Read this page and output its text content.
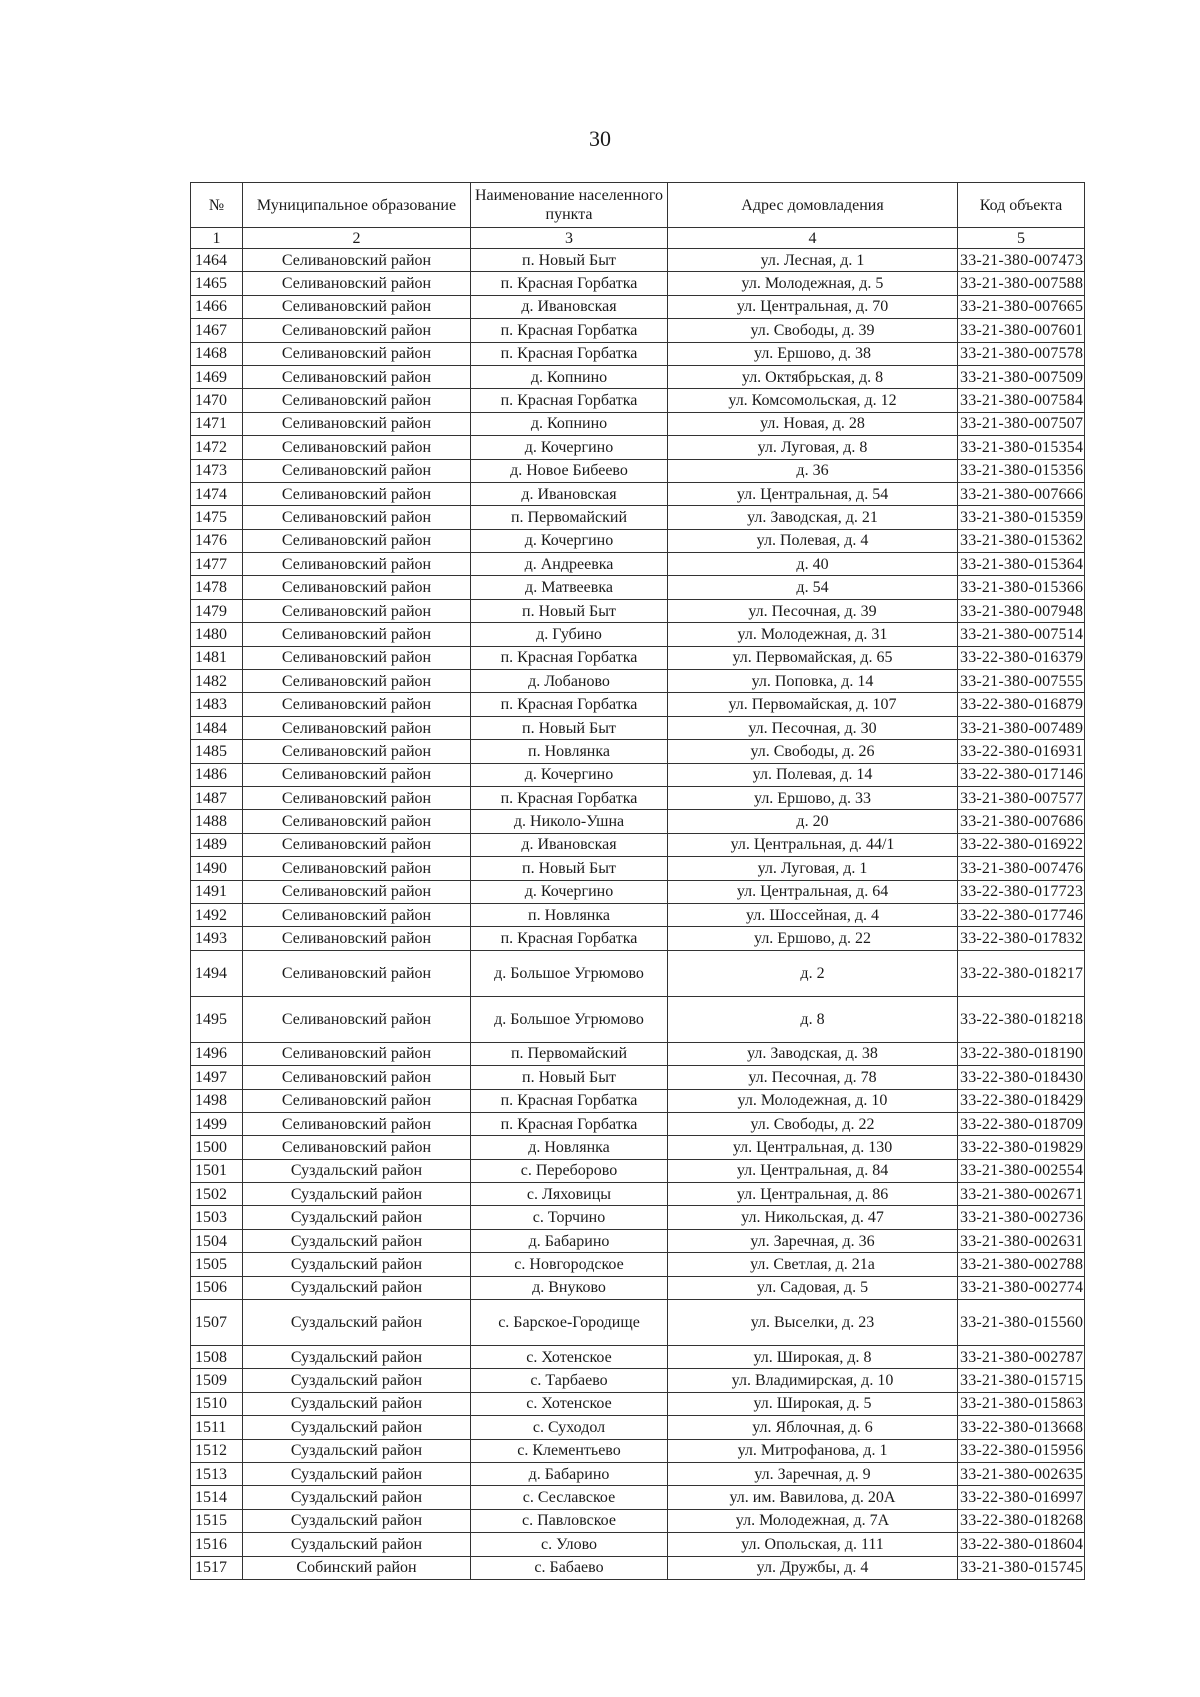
30
№	Муниципальное образование	Наименование населенного пункта	Адрес домовладения	Код объекта
1	2	3	4	5
1464	Селивановский район	п. Новый Быт	ул. Лесная, д. 1	33-21-380-007473
1465	Селивановский район	п. Красная Горбатка	ул. Молодежная, д. 5	33-21-380-007588
1466	Селивановский район	д. Ивановская	ул. Центральная, д. 70	33-21-380-007665
1467	Селивановский район	п. Красная Горбатка	ул. Свободы, д. 39	33-21-380-007601
1468	Селивановский район	п. Красная Горбатка	ул. Ершово, д. 38	33-21-380-007578
1469	Селивановский район	д. Копнино	ул. Октябрьская, д. 8	33-21-380-007509
1470	Селивановский район	п. Красная Горбатка	ул. Комсомольская, д. 12	33-21-380-007584
1471	Селивановский район	д. Копнино	ул. Новая, д. 28	33-21-380-007507
1472	Селивановский район	д. Кочергино	ул. Луговая, д. 8	33-21-380-015354
1473	Селивановский район	д. Новое Бибеево	д. 36	33-21-380-015356
1474	Селивановский район	д. Ивановская	ул. Центральная, д. 54	33-21-380-007666
1475	Селивановский район	п. Первомайский	ул. Заводская, д. 21	33-21-380-015359
1476	Селивановский район	д. Кочергино	ул. Полевая, д. 4	33-21-380-015362
1477	Селивановский район	д. Андреевка	д. 40	33-21-380-015364
1478	Селивановский район	д. Матвеевка	д. 54	33-21-380-015366
1479	Селивановский район	п. Новый Быт	ул. Песочная, д. 39	33-21-380-007948
1480	Селивановский район	д. Губино	ул. Молодежная, д. 31	33-21-380-007514
1481	Селивановский район	п. Красная Горбатка	ул. Первомайская, д. 65	33-22-380-016379
1482	Селивановский район	д. Лобаново	ул. Поповка, д. 14	33-21-380-007555
1483	Селивановский район	п. Красная Горбатка	ул. Первомайская, д. 107	33-22-380-016879
1484	Селивановский район	п. Новый Быт	ул. Песочная, д. 30	33-21-380-007489
1485	Селивановский район	п. Новлянка	ул. Свободы, д. 26	33-22-380-016931
1486	Селивановский район	д. Кочергино	ул. Полевая, д. 14	33-22-380-017146
1487	Селивановский район	п. Красная Горбатка	ул. Ершово, д. 33	33-21-380-007577
1488	Селивановский район	д. Николо-Ушна	д. 20	33-21-380-007686
1489	Селивановский район	д. Ивановская	ул. Центральная, д. 44/1	33-22-380-016922
1490	Селивановский район	п. Новый Быт	ул. Луговая, д. 1	33-21-380-007476
1491	Селивановский район	д. Кочергино	ул. Центральная, д. 64	33-22-380-017723
1492	Селивановский район	п. Новлянка	ул. Шоссейная, д. 4	33-22-380-017746
1493	Селивановский район	п. Красная Горбатка	ул. Ершово, д. 22	33-22-380-017832
1494	Селивановский район	д. Большое Угрюмово	д. 2	33-22-380-018217
1495	Селивановский район	д. Большое Угрюмово	д. 8	33-22-380-018218
1496	Селивановский район	п. Первомайский	ул. Заводская, д. 38	33-22-380-018190
1497	Селивановский район	п. Новый Быт	ул. Песочная, д. 78	33-22-380-018430
1498	Селивановский район	п. Красная Горбатка	ул. Молодежная, д. 10	33-22-380-018429
1499	Селивановский район	п. Красная Горбатка	ул. Свободы, д. 22	33-22-380-018709
1500	Селивановский район	д. Новлянка	ул. Центральная, д. 130	33-22-380-019829
1501	Суздальский район	с. Переборово	ул. Центральная, д. 84	33-21-380-002554
1502	Суздальский район	с. Ляховицы	ул. Центральная, д. 86	33-21-380-002671
1503	Суздальский район	с. Торчино	ул. Никольская, д. 47	33-21-380-002736
1504	Суздальский район	д. Бабарино	ул. Заречная, д. 36	33-21-380-002631
1505	Суздальский район	с. Новгородское	ул. Светлая, д. 21а	33-21-380-002788
1506	Суздальский район	д. Внуково	ул. Садовая, д. 5	33-21-380-002774
1507	Суздальский район	с. Барское-Городище	ул. Выселки, д. 23	33-21-380-015560
1508	Суздальский район	с. Хотенское	ул. Широкая, д. 8	33-21-380-002787
1509	Суздальский район	с. Тарбаево	ул. Владимирская, д. 10	33-21-380-015715
1510	Суздальский район	с. Хотенское	ул. Широкая, д. 5	33-21-380-015863
1511	Суздальский район	с. Суходол	ул. Яблочная, д. 6	33-22-380-013668
1512	Суздальский район	с. Клементьево	ул. Митрофанова, д. 1	33-22-380-015956
1513	Суздальский район	д. Бабарино	ул. Заречная, д. 9	33-21-380-002635
1514	Суздальский район	с. Сеславское	ул. им. Вавилова, д. 20А	33-22-380-016997
1515	Суздальский район	с. Павловское	ул. Молодежная, д. 7А	33-22-380-018268
1516	Суздальский район	с. Улово	ул. Опольская, д. 111	33-22-380-018604
1517	Собинский район	с. Бабаево	ул. Дружбы, д. 4	33-21-380-015745
